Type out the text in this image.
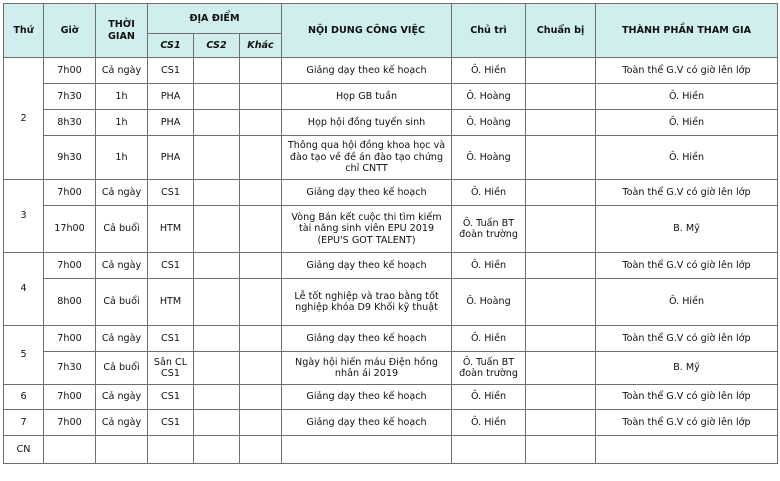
Thứ	Giờ	THỜI GIAN	ĐỊA ĐIỂM			NỘI DUNG CÔNG VIỆC	Chủ trì	Chuẩn bị	THÀNH PHẦN THAM GIA
			CS1	CS2	Khác				
2	7h00	Cả ngày	CS1			Giảng dạy theo kế hoạch	Ô. Hiền		Toàn thể G.V có giờ lên lớp
	7h30	1h	PHA			Họp GB tuần	Ô. Hoàng		Ô. Hiền
	8h30	1h	PHA			Họp hội đồng tuyển sinh	Ô. Hoàng		Ô. Hiền
	9h30	1h	PHA			Thông qua hội đồng khoa học và đào tạo về đề án đào tạo chứng chỉ CNTT	Ô. Hoàng		Ô. Hiền
3	7h00	Cả ngày	CS1			Giảng dạy theo kế hoạch	Ô. Hiền		Toàn thể G.V có giờ lên lớp
	17h00	Cả buổi	HTM			Vòng Bán kết cuộc thi tìm kiếm tài năng sinh viên EPU 2019 (EPU'S GOT TALENT)	Ô. Tuấn BT đoàn trường		B. Mỹ
4	7h00	Cả ngày	CS1			Giảng dạy theo kế hoạch	Ô. Hiền		Toàn thể G.V có giờ lên lớp
	8h00	Cả buổi	HTM			Lễ tốt nghiệp và trao bằng tốt nghiệp khóa D9 Khối kỹ thuật	Ô. Hoàng		Ô. Hiền
5	7h00	Cả ngày	CS1			Giảng dạy theo kế hoạch	Ô. Hiền		Toàn thể G.V có giờ lên lớp
	7h30	Cả buổi	Sân CL CS1			Ngày hội hiến máu Điện hồng nhân ái 2019	Ô. Tuấn BT đoàn trường		B. Mỹ
6	7h00	Cả ngày	CS1			Giảng dạy theo kế hoạch	Ô. Hiền		Toàn thể G.V có giờ lên lớp
7	7h00	Cả ngày	CS1			Giảng dạy theo kế hoạch	Ô. Hiền		Toàn thể G.V có giờ lên lớp
CN									
